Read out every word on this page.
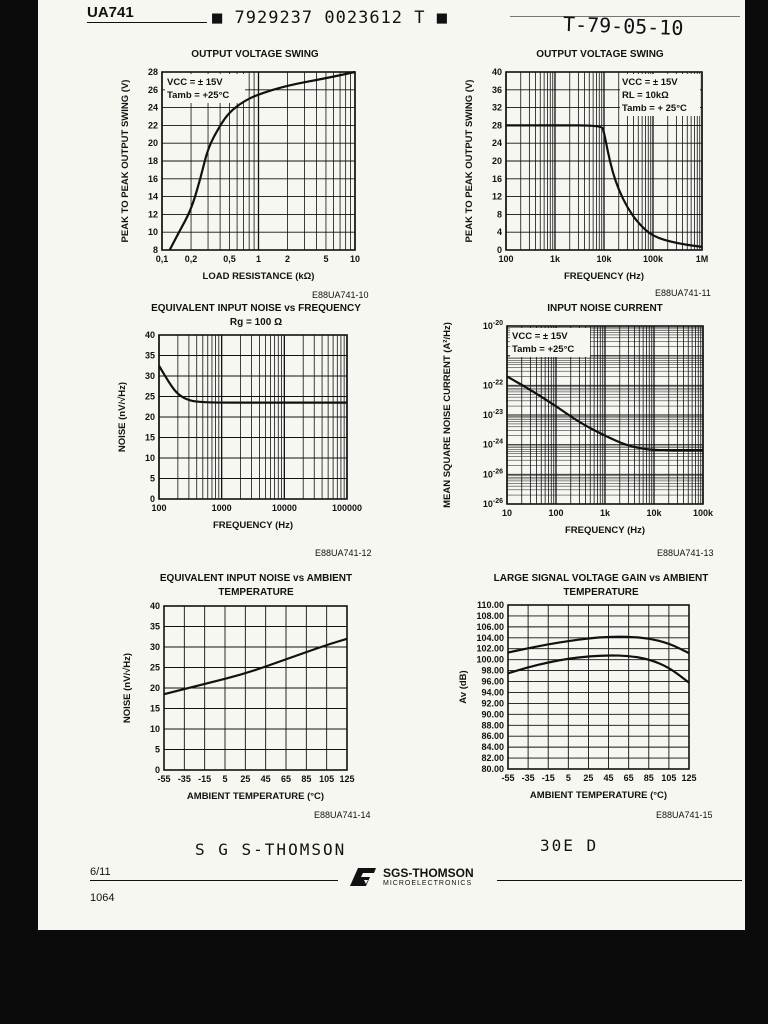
UA741	■ 7929237 0023612 T ■	T-79-05-10
OUTPUT VOLTAGE SWING	OUTPUT VOLTAGE SWING
EQUIVALENT INPUT NOISE vs FREQUENCY
Rg = 100 Ω
INPUT NOISE CURRENT
EQUIVALENT INPUT NOISE vs AMBIENT TEMPERATURE
LARGE SIGNAL VOLTAGE GAIN vs AMBIENT TEMPERATURE
0,1 0,2	0,5 1	2	5 10
8
10
12
14
16
18
20
22
24
26
28
LOAD RESISTANCE (kΩ)
PEAK TO PEAK OUTPUT SWING (V)	VCC = ± 15V
Tamb = +25°C
100	1k	10k	100k	1M
0
4
8
12
16
20
24
28
32
36
40
FREQUENCY (Hz)
PEAK TO PEAK OUTPUT SWING (V)	VCC = ± 15V
RL = 10kΩ
Tamb = + 25°C
100	1000	10000	100000
0
5
10
15
20
25
30
35
40
FREQUENCY (Hz)
NOISE (nV/√Hz)
10	100	1k	10k	100k
$10^{-26}$
$10^{-26}$
$10^{-24}$
$10^{-23}$
$10^{-22}$
$10^{-20}$
FREQUENCY (Hz)
MEAN SQUARE NOISE CURRENT (A²/Hz)	VCC = ± 15V
Tamb = +25°C
-55 -35 -15 5 25 45 65 85 105 125
0
5
10
15
20
25
30
35
40
AMBIENT TEMPERATURE (°C)
NOISE (nV/√Hz)
-55 -35 -15 5 25 45 65 85 105 125
80.00
82.00
84.00
86.00
88.00
90.00
92.00
94.00
96.00
98.00
100.00
102.00
104.00
106.00
108.00
110.00
AMBIENT TEMPERATURE (°C)
Av (dB)
E88UA741-10	E88UA741-11
E88UA741-12	E88UA741-13
E88UA741-14	E88UA741-15
S G S-THOMSON	30E D
6/11	SGS-THOMSON
MICROELECTRONICS
1064
